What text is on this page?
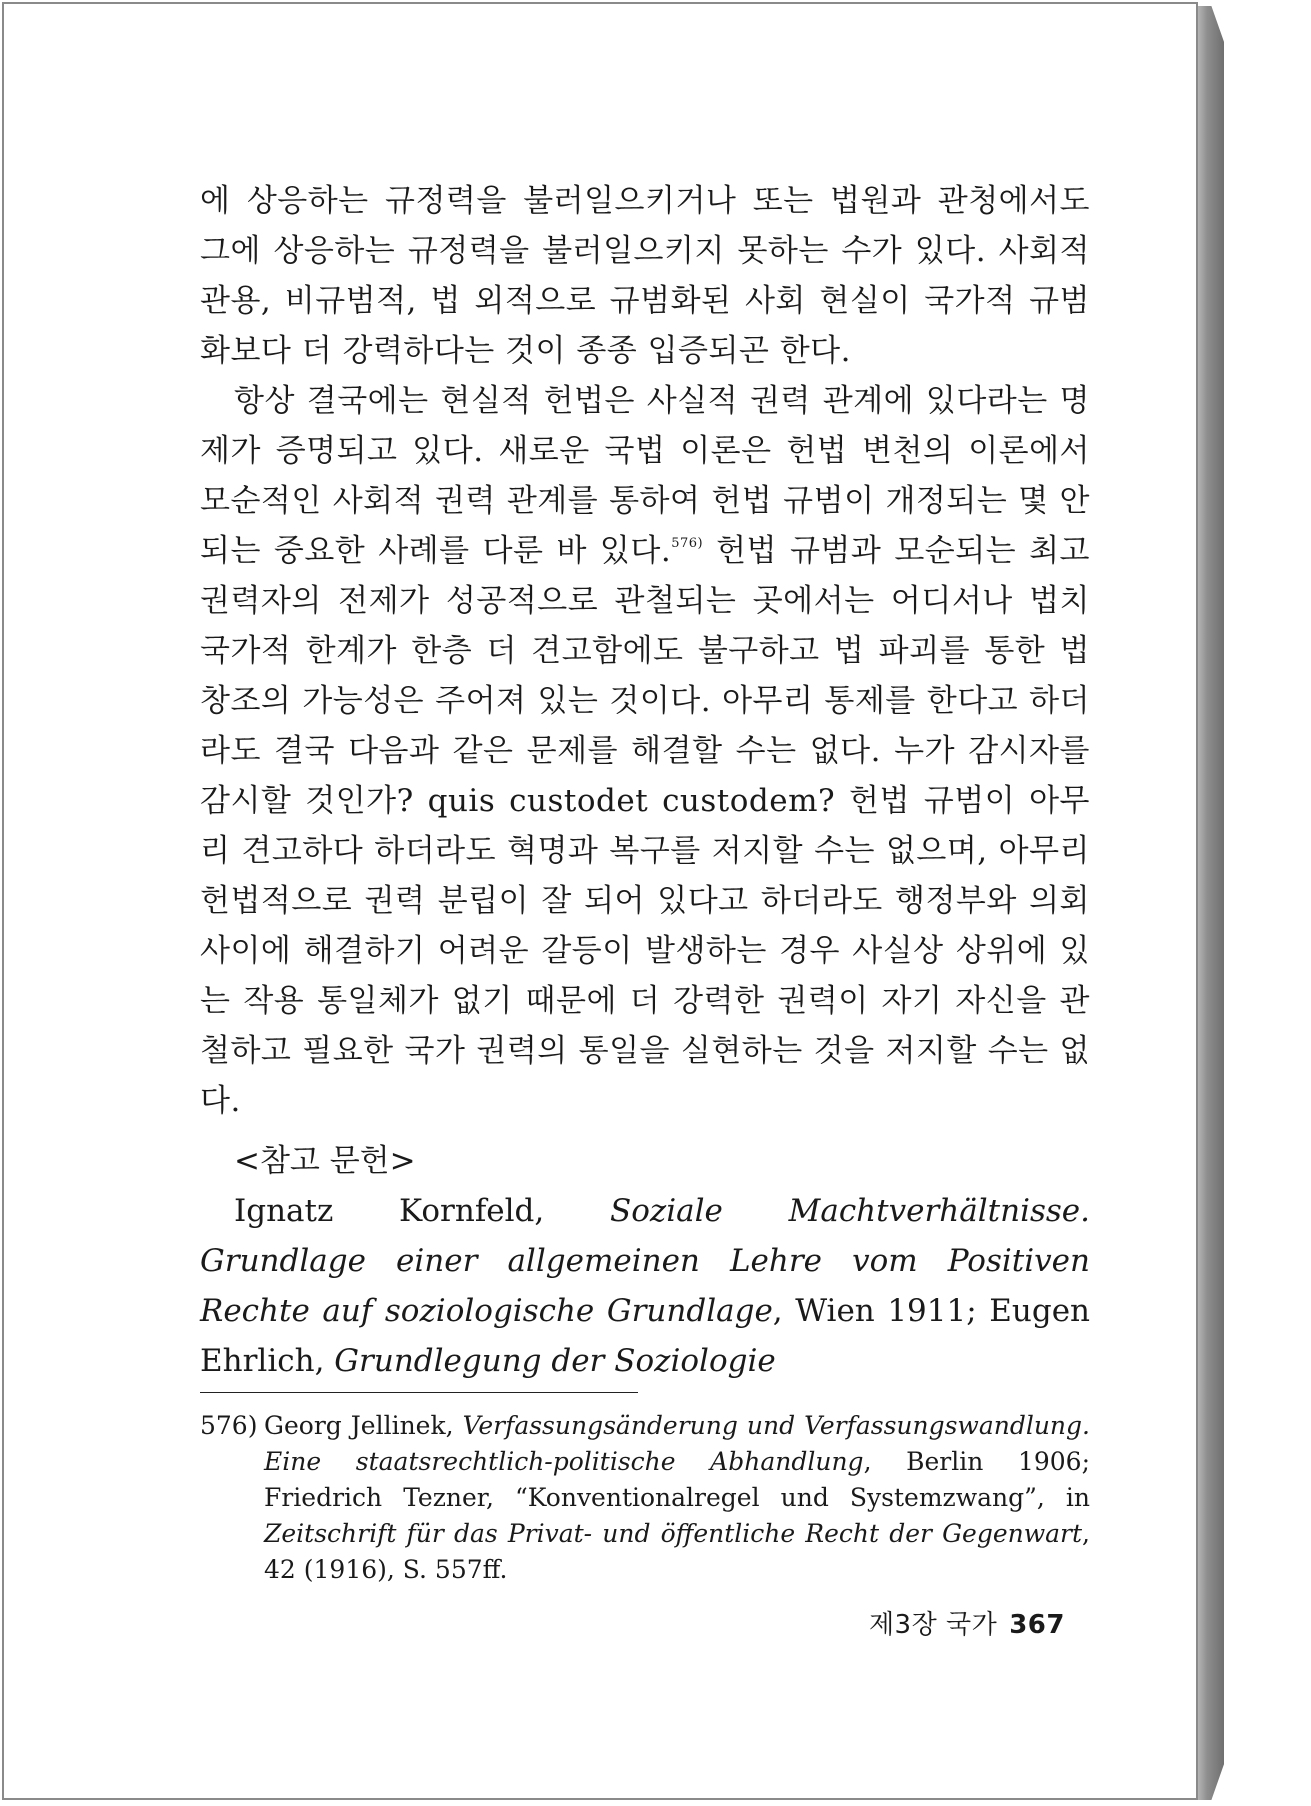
에 상응하는 규정력을 불러일으키거나 또는 법원과 관청에서도 그에 상응하는 규정력을 불러일으키지 못하는 수가 있다. 사회적 관용, 비규범적, 법 외적으로 규범화된 사회 현실이 국가적 규범화보다 더 강력하다는 것이 종종 입증되곤 한다.

항상 결국에는 현실적 헌법은 사실적 권력 관계에 있다라는 명제가 증명되고 있다. 새로운 국법 이론은 헌법 변천의 이론에서 모순적인 사회적 권력 관계를 통하여 헌법 규범이 개정되는 몇 안 되는 중요한 사례를 다룬 바 있다.$^{576)}$ 헌법 규범과 모순되는 최고 권력자의 전제가 성공적으로 관철되는 곳에서는 어디서나 법치 국가적 한계가 한층 더 견고함에도 불구하고 법 파괴를 통한 법 창조의 가능성은 주어져 있는 것이다. 아무리 통제를 한다고 하더라도 결국 다음과 같은 문제를 해결할 수는 없다. 누가 감시자를 감시할 것인가? quis custodet custodem? 헌법 규범이 아무리 견고하다 하더라도 혁명과 복구를 저지할 수는 없으며, 아무리 헌법적으로 권력 분립이 잘 되어 있다고 하더라도 행정부와 의회 사이에 해결하기 어려운 갈등이 발생하는 경우 사실상 상위에 있는 작용 통일체가 없기 때문에 더 강력한 권력이 자기 자신을 관철하고 필요한 국가 권력의 통일을 실현하는 것을 저지할 수는 없다.

<참고 문헌>

Ignatz Kornfeld, Soziale Machtverhältnisse. Grundlage einer allgemeinen Lehre vom Positiven Rechte auf soziologische Grundlage, Wien 1911; Eugen Ehrlich, Grundlegung der Soziologie

576) Georg Jellinek, Verfassungsänderung und Verfassungswandlung. Eine staatsrechtlich-politische Abhandlung, Berlin 1906; Friedrich Tezner, “Konventionalregel und Systemzwang”, in Zeitschrift für das Privat- und öffentliche Recht der Gegenwart, 42 (1916), S. 557ff.

제3장 국가 367
